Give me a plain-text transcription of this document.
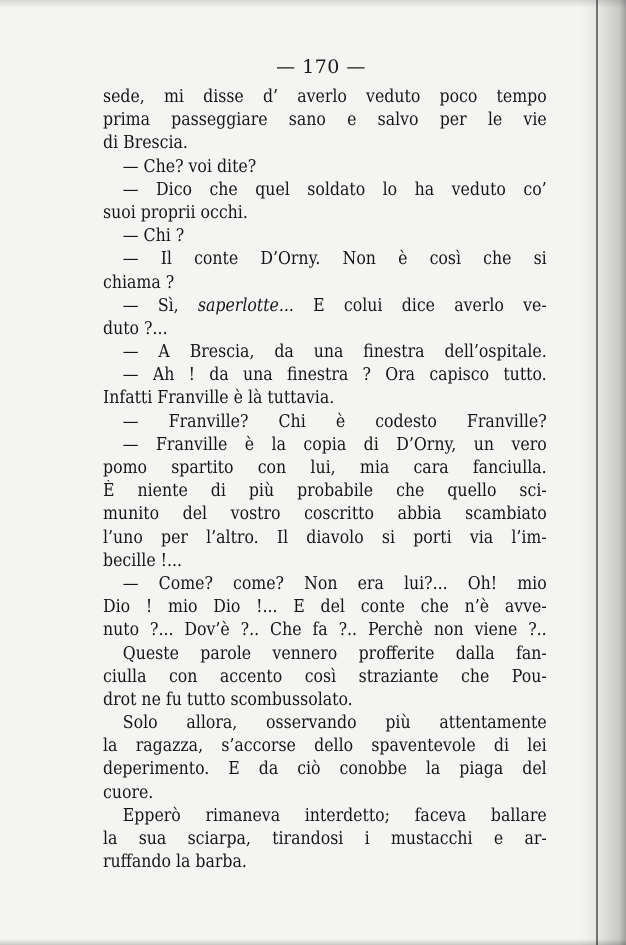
— 170 —
sede, mi disse d’ averlo veduto poco tempo
prima passeggiare sano e salvo per le vie
di Brescia.
— Che? voi dite?
— Dico che quel soldato lo ha veduto co’
suoi proprii occhi.
— Chi ?
— Il conte D’Orny. Non è così che si
chiama ?
— Sì, saperlotte... E colui dice averlo ve-
duto ?...
— A Brescia, da una finestra dell’ospitale.
— Ah ! da una finestra ? Ora capisco tutto.
Infatti Franville è là tuttavia.
— Franville? Chi è codesto Franville?
— Franville è la copia di D’Orny, un vero
pomo spartito con lui, mia cara fanciulla.
È niente di più probabile che quello sci-
munito del vostro coscritto abbia scambiato
l’uno per l’altro. Il diavolo si porti via l’im-
becille !...
— Come? come? Non era lui?... Oh! mio
Dio ! mio Dio !... E del conte che n’è avve-
nuto ?... Dov’è ?.. Che fa ?.. Perchè non viene ?..
Queste parole vennero profferite dalla fan-
ciulla con accento così straziante che Pou-
drot ne fu tutto scombussolato.
Solo allora, osservando più attentamente
la ragazza, s’accorse dello spaventevole di lei
deperimento. E da ciò conobbe la piaga del
cuore.
Epperò rimaneva interdetto; faceva ballare
la sua sciarpa, tirandosi i mustacchi e ar-
ruffando la barba.
